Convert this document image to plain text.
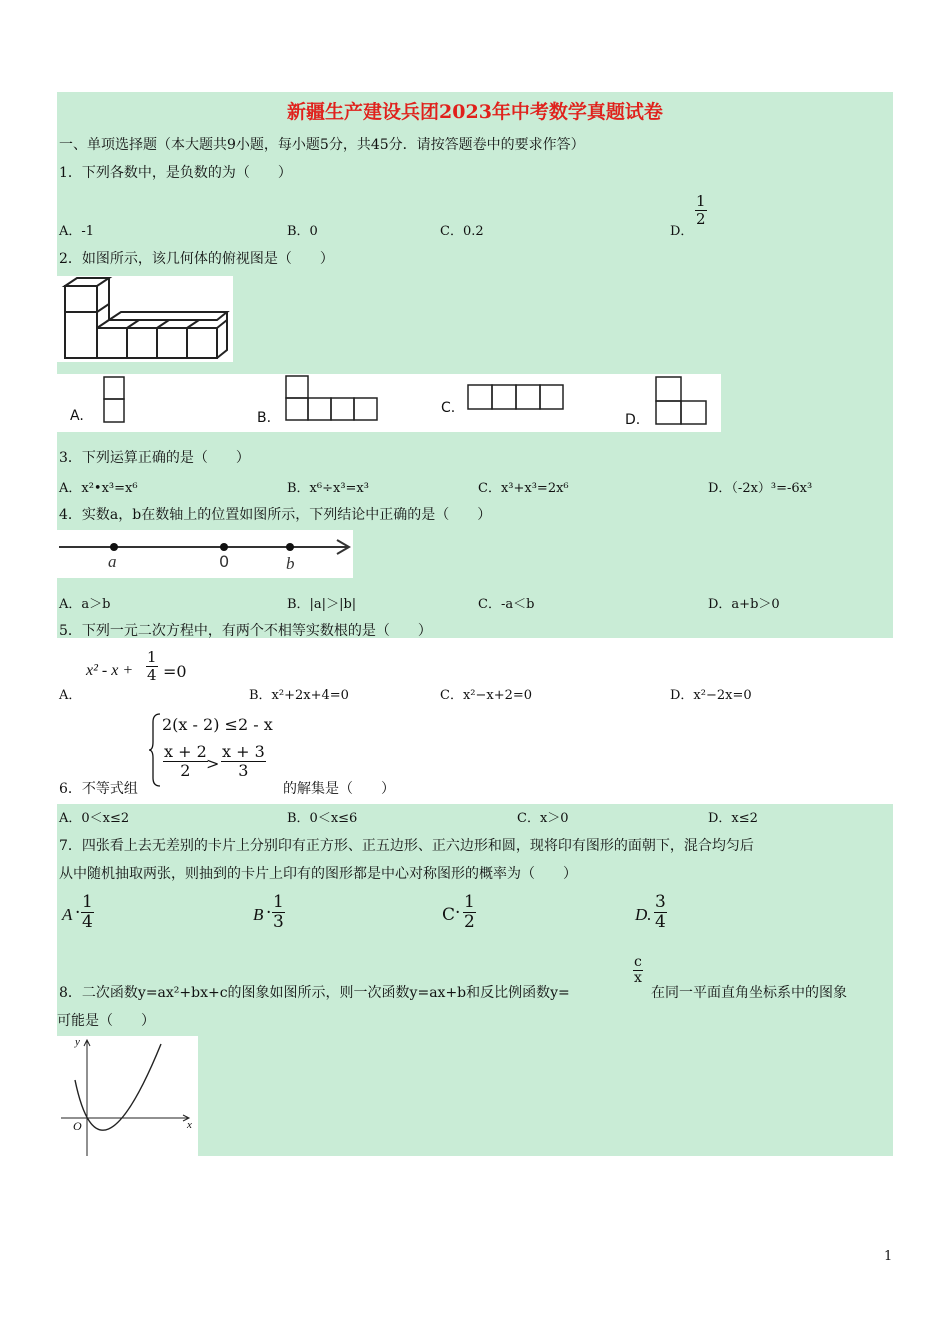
新疆生产建设兵团2023年中考数学真题试卷
一、单项选择题（本大题共9小题，每小题5分，共45分．请按答题卷中的要求作答）
1．下列各数中，是负数的为（　　）
A．-1	B．0	C．0.2	D．
$\frac{1}{2}$
2．如图所示，该几何体的俯视图是（　　）
A.	B.
C.
D.
3．下列运算正确的是（　　）
A．x²•x³=x⁶	B．x⁶÷x³=x³	C．x³+x³=2x⁶	D．（-2x）³=-6x³
4．实数a，b在数轴上的位置如图所示，下列结论中正确的是（　　）
a	0	b
A．a＞b	B．|a|＞|b|	C．-a＜b	D．a+b＞0
5．下列一元二次方程中，有两个不相等实数根的是（　　）
A．
$x^2 - x + \frac{1}{4} =0$
B．x²+2x+4=0	C．x²−x+2=0	D．x²−2x=0
2(x - 2) ≤2 - x
$\frac{x + 2}{2}$
> $\frac{x + 3}{3}$
6．不等式组	的解集是（　　）
A．0＜x≤2	B．0＜x≤6	C．x＞0	D．x≤2
7．四张看上去无差别的卡片上分别印有正方形、正五边形、正六边形和圆，现将印有图形的面朝下，混合均匀后
从中随机抽取两张，则抽到的卡片上印有的图形都是中心对称图形的概率为（　　）
$A \cdot \frac{1}{4}$	$B \cdot \frac{1}{3}$	$C \cdot \frac{1}{2}$	D. $\frac{3}{4}$
8．二次函数y=ax²+bx+c的图象如图所示，则一次函数y=ax+b和反比例函数y=
$\frac{c}{x}$
在同一平面直角坐标系中的图象
可能是（　　）
y
x
O
1
